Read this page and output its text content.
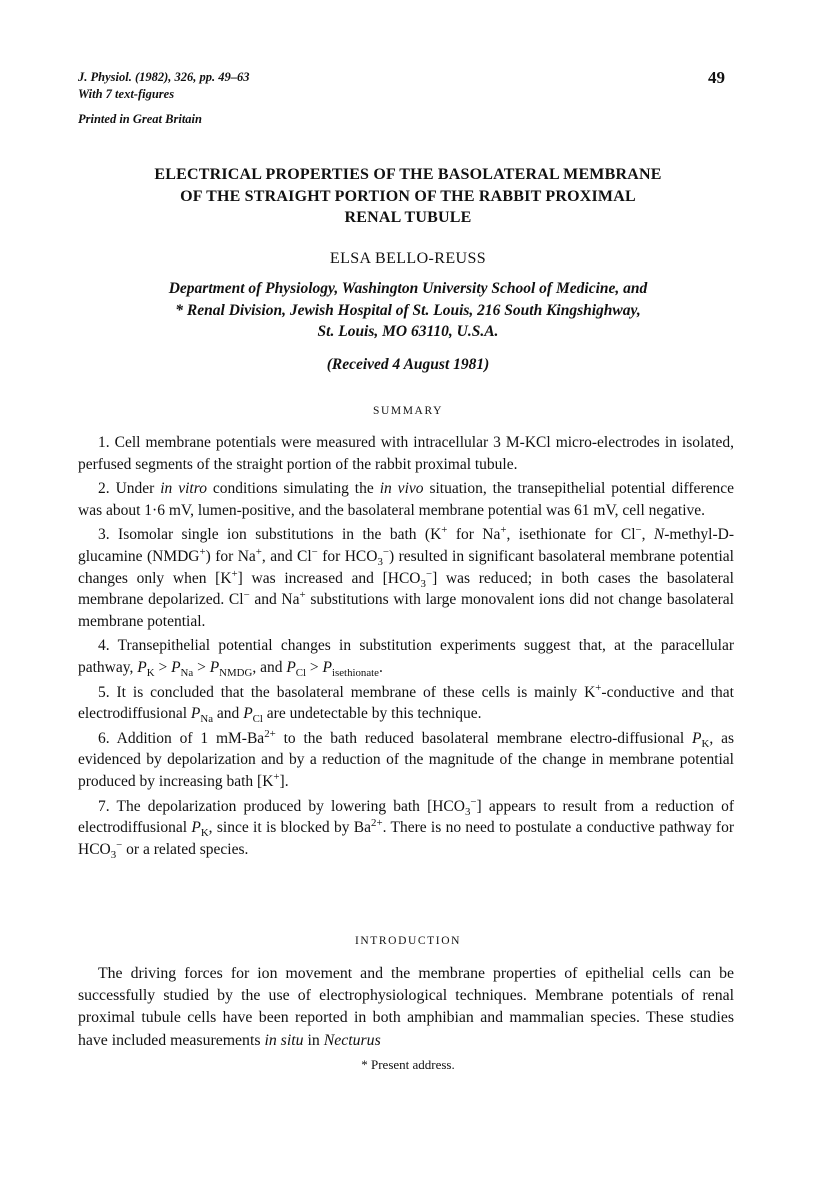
J. Physiol. (1982), 326, pp. 49–63
With 7 text-figures
Printed in Great Britain
49
ELECTRICAL PROPERTIES OF THE BASOLATERAL MEMBRANE
OF THE STRAIGHT PORTION OF THE RABBIT PROXIMAL
RENAL TUBULE
ELSA BELLO-REUSS
Department of Physiology, Washington University School of Medicine, and
* Renal Division, Jewish Hospital of St. Louis, 216 South Kingshighway,
St. Louis, MO 63110, U.S.A.
(Received 4 August 1981)
SUMMARY

1. Cell membrane potentials were measured with intracellular 3 M-KCl micro-electrodes in isolated, perfused segments of the straight portion of the rabbit proximal tubule.

2. Under in vitro conditions simulating the in vivo situation, the transepithelial potential difference was about 1·6 mV, lumen-positive, and the basolateral membrane potential was 61 mV, cell negative.

3. Isomolar single ion substitutions in the bath (K+ for Na+, isethionate for Cl−, N-methyl-D-glucamine (NMDG+) for Na+, and Cl− for $HCO_3^-$) resulted in significant basolateral membrane potential changes only when [K+] was increased and $[HCO_3^-]$ was reduced; in both cases the basolateral membrane depolarized. Cl− and Na+ substitutions with large monovalent ions did not change basolateral membrane potential.

4. Transepithelial potential changes in substitution experiments suggest that, at the paracellular pathway, $P_K > P_{Na} > P_{NMDG}$, and $P_{Cl} > P_{isethionate}$.

5. It is concluded that the basolateral membrane of these cells is mainly K+-conductive and that electrodiffusional $P_{Na}$ and $P_{Cl}$ are undetectable by this technique.

6. Addition of 1 $mM-Ba^{2+}$ to the bath reduced basolateral membrane electro-diffusional $P_K$, as evidenced by depolarization and by a reduction of the magnitude of the change in membrane potential produced by increasing bath [K+].

7. The depolarization produced by lowering bath $[HCO_3^-]$ appears to result from a reduction of electrodiffusional $P_K$, since it is blocked by $Ba^{2+}$. There is no need to postulate a conductive pathway for $HCO_3^-$ or a related species.

INTRODUCTION

The driving forces for ion movement and the membrane properties of epithelial cells can be successfully studied by the use of electrophysiological techniques. Membrane potentials of renal proximal tubule cells have been reported in both amphibian and mammalian species. These studies have included measurements in situ in Necturus

* Present address.
